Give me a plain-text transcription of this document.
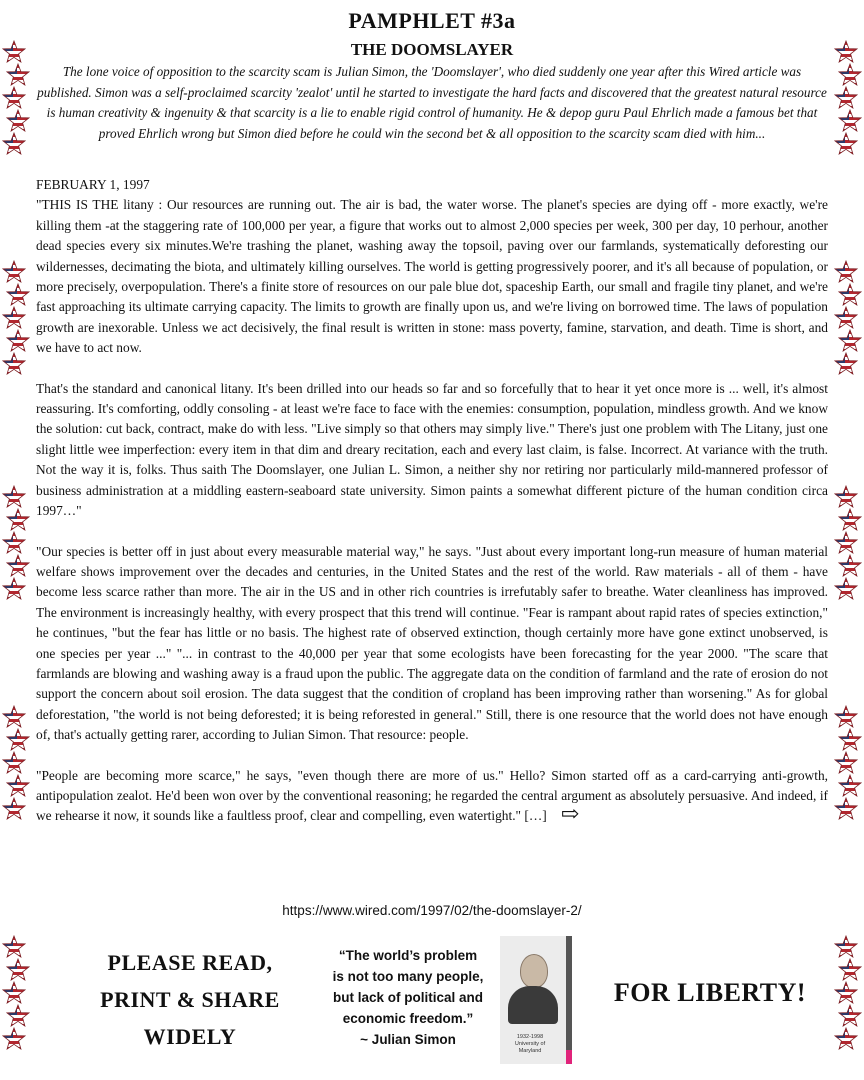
PAMPHLET #3a
THE DOOMSLAYER
The lone voice of opposition to the scarcity scam is Julian Simon, the 'Doomslayer', who died suddenly one year after this Wired article was published. Simon was a self-proclaimed scarcity 'zealot' until he started to investigate the hard facts and discovered that the greatest natural resource is human creativity & ingenuity & that scarcity is a lie to enable rigid control of humanity. He & depop guru Paul Ehrlich made a famous bet that proved Ehrlich wrong but Simon died before he could win the second bet & all opposition to the scarcity scam died with him...

FEBRUARY 1, 1997

"THIS IS THE litany : Our resources are running out. The air is bad, the water worse. The planet's species are dying off - more exactly, we're killing them -at the staggering rate of 100,000 per year, a figure that works out to almost 2,000 species per week, 300 per day, 10 perhour, another dead species every six minutes.We're trashing the planet, washing away the topsoil, paving over our farmlands, systematically deforesting our wildernesses, decimating the biota, and ultimately killing ourselves. The world is getting progressively poorer, and it's all because of population, or more precisely, overpopulation. There's a finite store of resources on our pale blue dot, spaceship Earth, our small and fragile tiny planet, and we're fast approaching its ultimate carrying capacity. The limits to growth are finally upon us, and we're living on borrowed time. The laws of population growth are inexorable. Unless we act decisively, the final result is written in stone: mass poverty, famine, starvation, and death. Time is short, and we have to act now.

That's the standard and canonical litany. It's been drilled into our heads so far and so forcefully that to hear it yet once more is ... well, it's almost reassuring. It's comforting, oddly consoling - at least we're face to face with the enemies: consumption, population, mindless growth. And we know the solution: cut back, contract, make do with less. "Live simply so that others may simply live." There's just one problem with The Litany, just one slight little wee imperfection: every item in that dim and dreary recitation, each and every last claim, is false. Incorrect. At variance with the truth. Not the way it is, folks. Thus saith The Doomslayer, one Julian L. Simon, a neither shy nor retiring nor particularly mild-mannered professor of business administration at a middling eastern-seaboard state university. Simon paints a somewhat different picture of the human condition circa 1997…"

"Our species is better off in just about every measurable material way," he says. "Just about every important long-run measure of human material welfare shows improvement over the decades and centuries, in the United States and the rest of the world. Raw materials - all of them - have become less scarce rather than more. The air in the US and in other rich countries is irrefutably safer to breathe. Water cleanliness has improved. The environment is increasingly healthy, with every prospect that this trend will continue. "Fear is rampant about rapid rates of species extinction," he continues, "but the fear has little or no basis. The highest rate of observed extinction, though certainly more have gone extinct unobserved, is one species per year ..." "... in contrast to the 40,000 per year that some ecologists have been forecasting for the year 2000. "The scare that farmlands are blowing and washing away is a fraud upon the public. The aggregate data on the condition of farmland and the rate of erosion do not support the concern about soil erosion. The data suggest that the condition of cropland has been improving rather than worsening." As for global deforestation, "the world is not being deforested; it is being reforested in general." Still, there is one resource that the world does not have enough of, that's actually getting rarer, according to Julian Simon. That resource: people.

"People are becoming more scarce," he says, "even though there are more of us." Hello? Simon started off as a card-carrying anti-growth, antipopulation zealot. He'd been won over by the conventional reasoning; he regarded the central argument as absolutely persuasive. And indeed, if we rehearse it now, it sounds like a faultless proof, clear and compelling, even watertight." […] ⇨

https://www.wired.com/1997/02/the-doomslayer-2/
PLEASE READ,
PRINT & SHARE
WIDELY
“The world’s problem
is not too many people,
but lack of political and
economic freedom.”
~ Julian Simon	1932-1998
University of
Maryland
FOR LIBERTY!
